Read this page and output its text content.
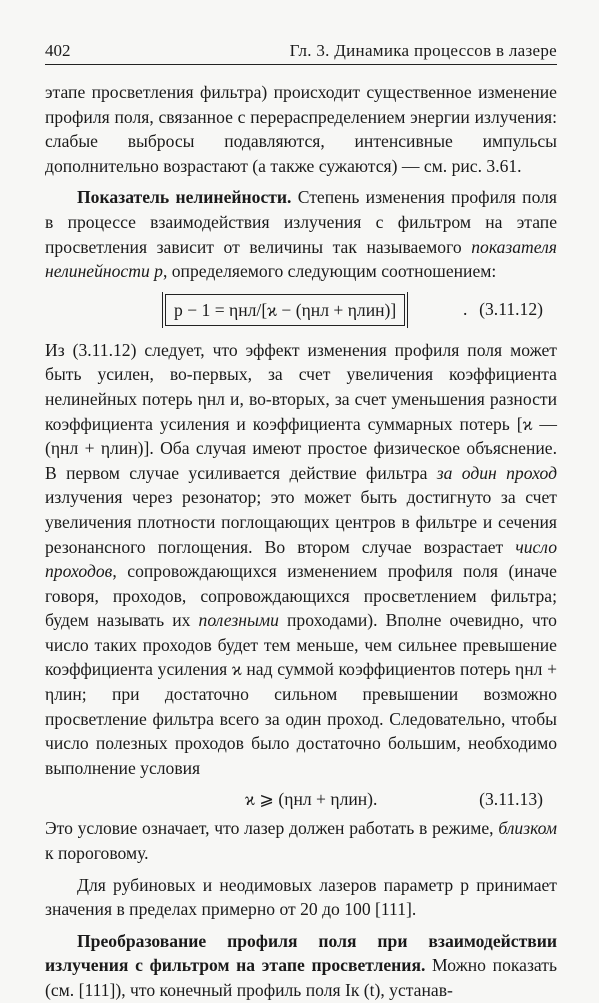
402	Гл. 3. Динамика процессов в лазере

этапе просветления фильтра) происходит существенное изменение профиля поля, связанное с перераспределением энергии излучения: слабые выбросы подавляются, интенсивные импульсы дополнительно возрастают (а также сужаются) — см. рис. 3.61.

Показатель нелинейности. Степень изменения профиля поля в процессе взаимодействия излучения с фильтром на этапе просветления зависит от величины так называемого показателя нелинейности p, определяемого следующим соотношением:

p − 1 = ηнл/[ϰ − (ηнл + ηлин)]	. (3.11.12)

Из (3.11.12) следует, что эффект изменения профиля поля может быть усилен, во-первых, за счет увеличения коэффициента нелинейных потерь ηнл и, во-вторых, за счет уменьшения разности коэффициента усиления и коэффициента суммарных потерь [ϰ — (ηнл + ηлин)]. Оба случая имеют простое физическое объяснение. В первом случае усиливается действие фильтра за один проход излучения через резонатор; это может быть достигнуто за счет увеличения плотности поглощающих центров в фильтре и сечения резонансного поглощения. Во втором случае возрастает число проходов, сопровождающихся изменением профиля поля (иначе говоря, проходов, сопровождающихся просветлением фильтра; будем называть их полезными проходами). Вполне очевидно, что число таких проходов будет тем меньше, чем сильнее превышение коэффициента усиления ϰ над суммой коэффициентов потерь ηнл + ηлин; при достаточно сильном превышении возможно просветление фильтра всего за один проход. Следовательно, чтобы число полезных проходов было достаточно большим, необходимо выполнение условия

ϰ ⩾ (ηнл + ηлин).	(3.11.13)

Это условие означает, что лазер должен работать в режиме, близком к пороговому.

Для рубиновых и неодимовых лазеров параметр p принимает значения в пределах примерно от 20 до 100 [111].

Преобразование профиля поля при взаимодействии излучения с фильтром на этапе просветления. Можно показать (см. [111]), что конечный профиль поля Iк (t), устанав-
